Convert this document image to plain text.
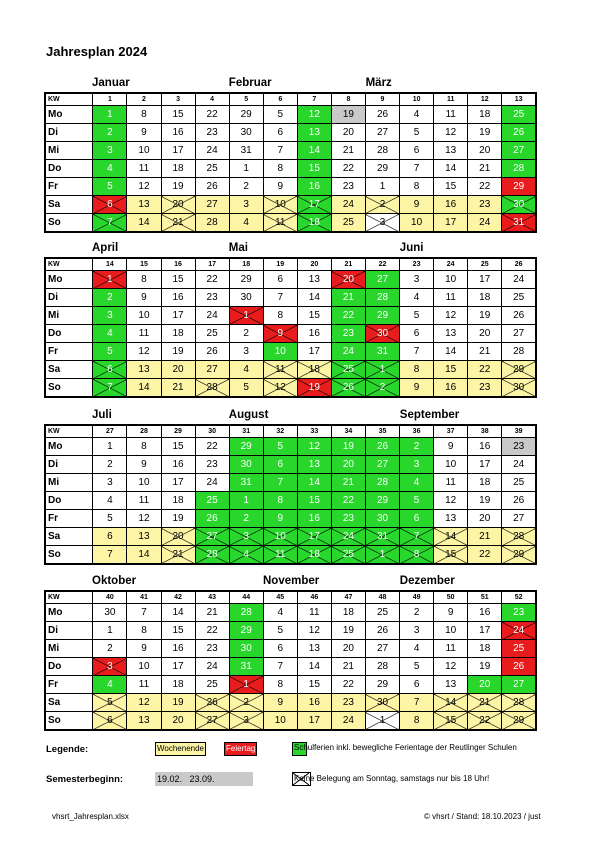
Jahresplan 2024
Januar	Februar	März
KW	1	2	3	4	5	6	7	8	9	10	11	12	13
Mo	1	8	15	22	29	5	12	19	26	4	11	18	25
Di	2	9	16	23	30	6	13	20	27	5	12	19	26
Mi	3	10	17	24	31	7	14	21	28	6	13	20	27
Do	4	11	18	25	1	8	15	22	29	7	14	21	28
Fr	5	12	19	26	2	9	16	23	1	8	15	22	29
Sa	6	13	20	27	3	10	17	24	2	9	16	23	30
So	7	14	21	28	4	11	18	25	3	10	17	24	31
April	Mai	Juni
KW	14	15	16	17	18	19	20	21	22	23	24	25	26
Mo	1	8	15	22	29	6	13	20	27	3	10	17	24
Di	2	9	16	23	30	7	14	21	28	4	11	18	25
Mi	3	10	17	24	1	8	15	22	29	5	12	19	26
Do	4	11	18	25	2	9	16	23	30	6	13	20	27
Fr	5	12	19	26	3	10	17	24	31	7	14	21	28
Sa	6	13	20	27	4	11	18	25	1	8	15	22	29
So	7	14	21	28	5	12	19	26	2	9	16	23	30
Juli	August	September
KW	27	28	29	30	31	32	33	34	35	36	37	38	39
Mo	1	8	15	22	29	5	12	19	26	2	9	16	23
Di	2	9	16	23	30	6	13	20	27	3	10	17	24
Mi	3	10	17	24	31	7	14	21	28	4	11	18	25
Do	4	11	18	25	1	8	15	22	29	5	12	19	26
Fr	5	12	19	26	2	9	16	23	30	6	13	20	27
Sa	6	13	20	27	3	10	17	24	31	7	14	21	28
So	7	14	21	28	4	11	18	25	1	8	15	22	29
Oktober	November	Dezember
KW	40	41	42	43	44	45	46	47	48	49	50	51	52
Mo	30	7	14	21	28	4	11	18	25	2	9	16	23
Di	1	8	15	22	29	5	12	19	26	3	10	17	24
Mi	2	9	16	23	30	6	13	20	27	4	11	18	25
Do	3	10	17	24	31	7	14	21	28	5	12	19	26
Fr	4	11	18	25	1	8	15	22	29	6	13	20	27
Sa	5	12	19	26	2	9	16	23	30	7	14	21	28
So	6	13	20	27	3	10	17	24	1	8	15	22	29
Legende:	Wochenende	Feiertag	Schulferien inkl. bewegliche Ferientage der Reutlinger Schulen
Semesterbeginn:	19.02.   23.09.	Keine Belegung am Sonntag, samstags nur bis 18 Uhr!
vhsrt_Jahresplan.xlsx	© vhsrt / Stand: 18.10.2023 / just
